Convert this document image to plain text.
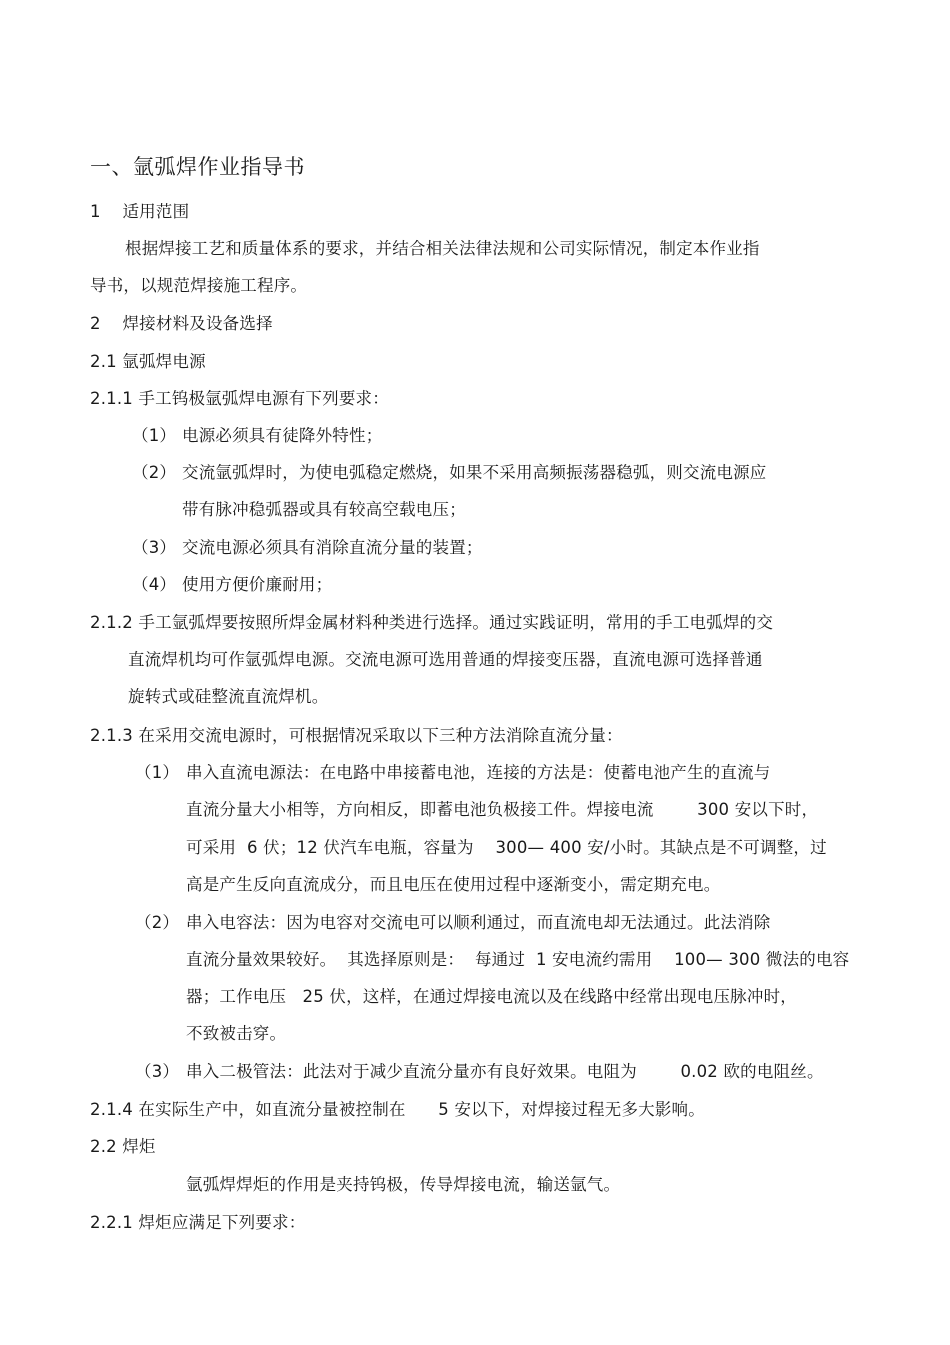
一、氩弧焊作业指导书
1    适用范围
根据焊接工艺和质量体系的要求，并结合相关法律法规和公司实际情况，制定本作业指
导书，以规范焊接施工程序。
2    焊接材料及设备选择
2.1 氩弧焊电源
2.1.1 手工钨极氩弧焊电源有下列要求：
（1） 电源必须具有徒降外特性；
（2） 交流氩弧焊时，为使电弧稳定燃烧，如果不采用高频振荡器稳弧，则交流电源应
带有脉冲稳弧器或具有较高空载电压；
（3） 交流电源必须具有消除直流分量的装置；
（4） 使用方便价廉耐用；
2.1.2 手工氩弧焊要按照所焊金属材料种类进行选择。通过实践证明，常用的手工电弧焊的交
直流焊机均可作氩弧焊电源。交流电源可选用普通的焊接变压器，直流电源可选择普通
旋转式或硅整流直流焊机。
2.1.3 在采用交流电源时，可根据情况采取以下三种方法消除直流分量：
（1） 串入直流电源法：在电路中串接蓄电池，连接的方法是：使蓄电池产生的直流与
直流分量大小相等，方向相反，即蓄电池负极接工件。焊接电流        300 安以下时，
可采用  6 伏；12 伏汽车电瓶，容量为    300— 400 安/小时。其缺点是不可调整，过
高是产生反向直流成分，而且电压在使用过程中逐渐变小，需定期充电。
（2） 串入电容法：因为电容对交流电可以顺利通过，而直流电却无法通过。此法消除
直流分量效果较好。  其选择原则是：  每通过  1 安电流约需用    100— 300 微法的电容
器；工作电压   25 伏，这样，在通过焊接电流以及在线路中经常出现电压脉冲时，
不致被击穿。
（3） 串入二极管法：此法对于减少直流分量亦有良好效果。电阻为        0.02 欧的电阻丝。
2.1.4 在实际生产中，如直流分量被控制在      5 安以下，对焊接过程无多大影响。
2.2 焊炬
氩弧焊焊炬的作用是夹持钨极，传导焊接电流，输送氩气。
2.2.1 焊炬应满足下列要求：
